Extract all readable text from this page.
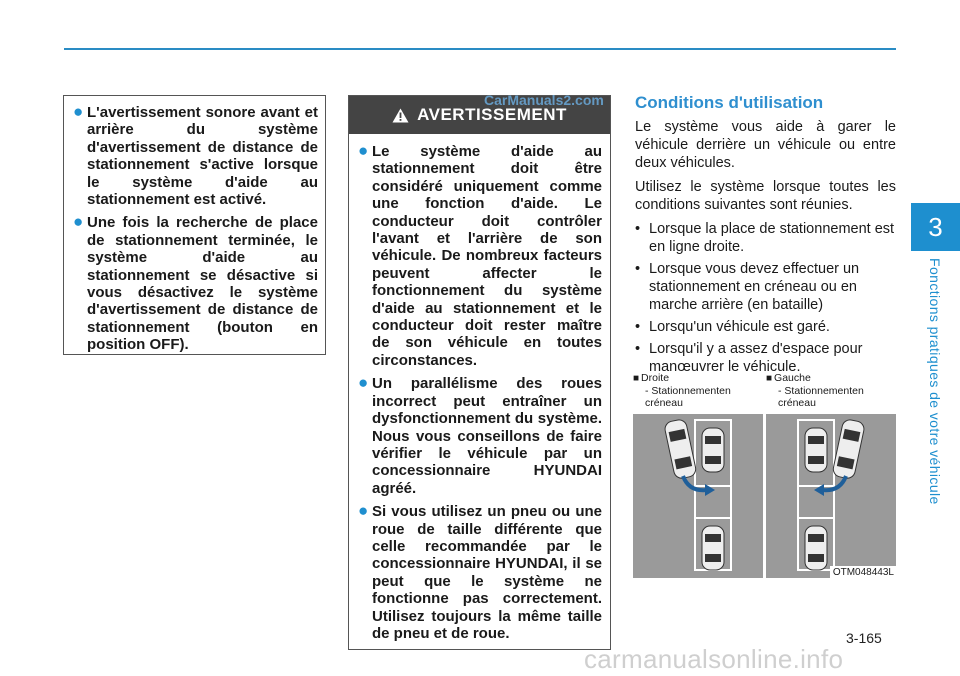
● L'avertissement sonore avant et arrière du système d'avertissement de distance de stationnement s'active lorsque le système d'aide au stationnement est activé.
● Une fois la recherche de place de stationnement terminée, le système d'aide au stationnement se désactive si vous désactivez le système d'avertissement de distance de stationnement (bouton en position OFF).
AVERTISSEMENT
● Le système d'aide au stationnement doit être considéré uniquement comme une fonction d'aide. Le conducteur doit contrôler l'avant et l'arrière de son véhicule. De nombreux facteurs peuvent affecter le fonctionnement du système d'aide au stationnement et le conducteur doit rester maître de son véhicule en toutes circonstances.
● Un parallélisme des roues incorrect peut entraîner un dysfonctionnement du système. Nous vous conseillons de faire vérifier le véhicule par un concessionnaire HYUNDAI agréé.
● Si vous utilisez un pneu ou une roue de taille différente que celle recommandée par le concessionnaire HYUNDAI, il se peut que le système ne fonctionne pas correctement. Utilisez toujours la même taille de pneu et de roue.
CarManuals2.com Conditions d'utilisation

Le système vous aide à garer le véhicule derrière un véhicule ou entre deux véhicules.

Utilisez le système lorsque toutes les conditions suivantes sont réunies.

• Lorsque la place de stationnement est en ligne droite.
• Lorsque vous devez effectuer un stationnement en créneau ou en marche arrière (en bataille)
• Lorsqu'un véhicule est garé.
• Lorsqu'il y a assez d'espace pour manœuvrer le véhicule.
■ Droite
- Stationnementen créneau
■ Gauche
- Stationnementen créneau
OTM048443L
3
Fonctions pratiques de votre véhicule
3-165
carmanualsonline.info
